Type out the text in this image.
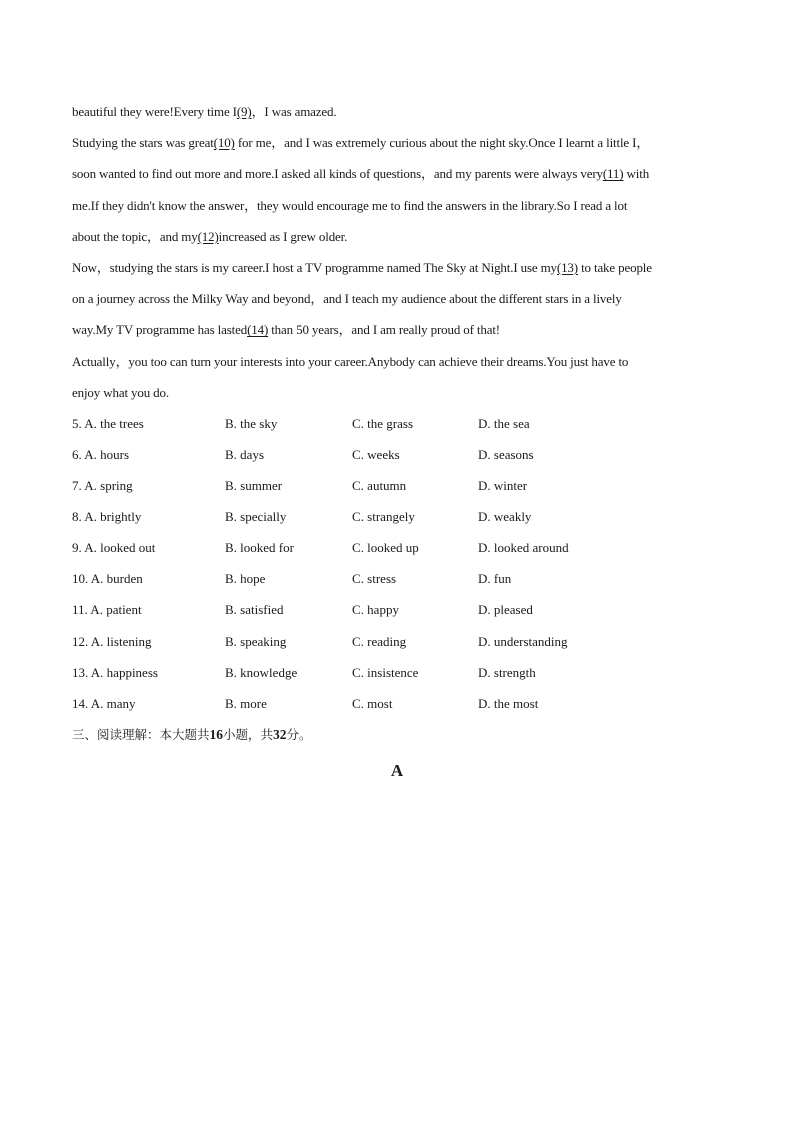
beautiful they were!Every time I(9)，I was amazed.
Studying the stars was great(10) for me，and I was extremely curious about the night sky.Once I learnt a little I，
soon wanted to find out more and more.I asked all kinds of questions，and my parents were always very(11) with
me.If they didn't know the answer，they would encourage me to find the answers in the library.So I read a lot
about the topic，and my(12)increased as I grew older.
Now，studying the stars is my career.I host a TV programme named The Sky at Night.I use my(13) to take people
on a journey across the Milky Way and beyond，and I teach my audience about the different stars in a lively
way.My TV programme has lasted(14) than 50 years，and I am really proud of that!
Actually，you too can turn your interests into your career.Anybody can achieve their dreams.You just have to
enjoy what you do.
5. A. the trees	B. the sky	C. the grass	D. the sea
6. A. hours	B. days	C. weeks	D. seasons
7. A. spring	B. summer	C. autumn	D. winter
8. A. brightly	B. specially	C. strangely	D. weakly
9. A. looked out	B. looked for	C. looked up	D. looked around
10. A. burden	B. hope	C. stress	D. fun
11. A. patient	B. satisfied	C. happy	D. pleased
12. A. listening	B. speaking	C. reading	D. understanding
13. A. happiness	B. knowledge	C. insistence	D. strength
14. A. many	B. more	C. most	D. the most
三、阅读理解：本大题共16小题，共32分。
A
